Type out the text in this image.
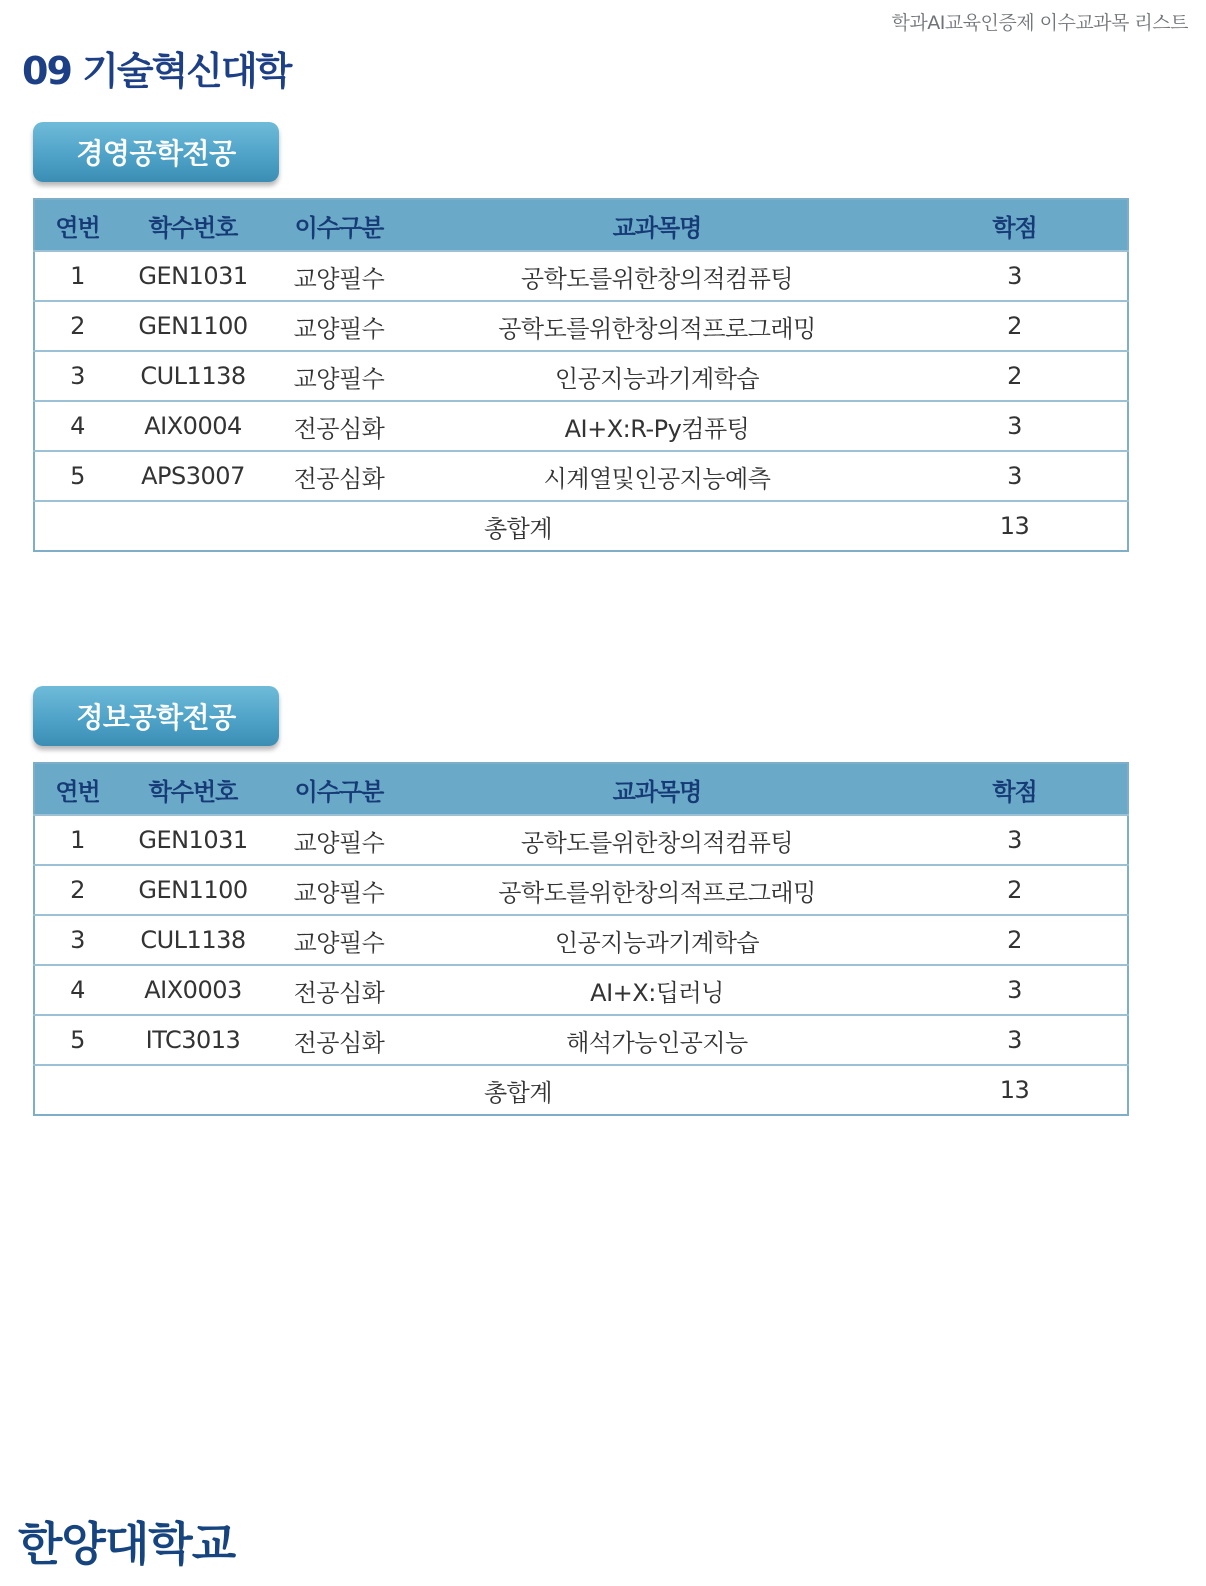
학과AI교육인증제 이수교과목 리스트
09 기술혁신대학
경영공학전공
연번	학수번호	이수구분	교과목명	학점
1	GEN1031	교양필수	공학도를위한창의적컴퓨팅	3
2	GEN1100	교양필수	공학도를위한창의적프로그래밍	2
3	CUL1138	교양필수	인공지능과기계학습	2
4	AIX0004	전공심화	AI+X:R-Py컴퓨팅	3
5	APS3007	전공심화	시계열및인공지능예측	3
총합계				13
정보공학전공
연번	학수번호	이수구분	교과목명	학점
1	GEN1031	교양필수	공학도를위한창의적컴퓨팅	3
2	GEN1100	교양필수	공학도를위한창의적프로그래밍	2
3	CUL1138	교양필수	인공지능과기계학습	2
4	AIX0003	전공심화	AI+X:딥러닝	3
5	ITC3013	전공심화	해석가능인공지능	3
총합계				13
한양대학교
